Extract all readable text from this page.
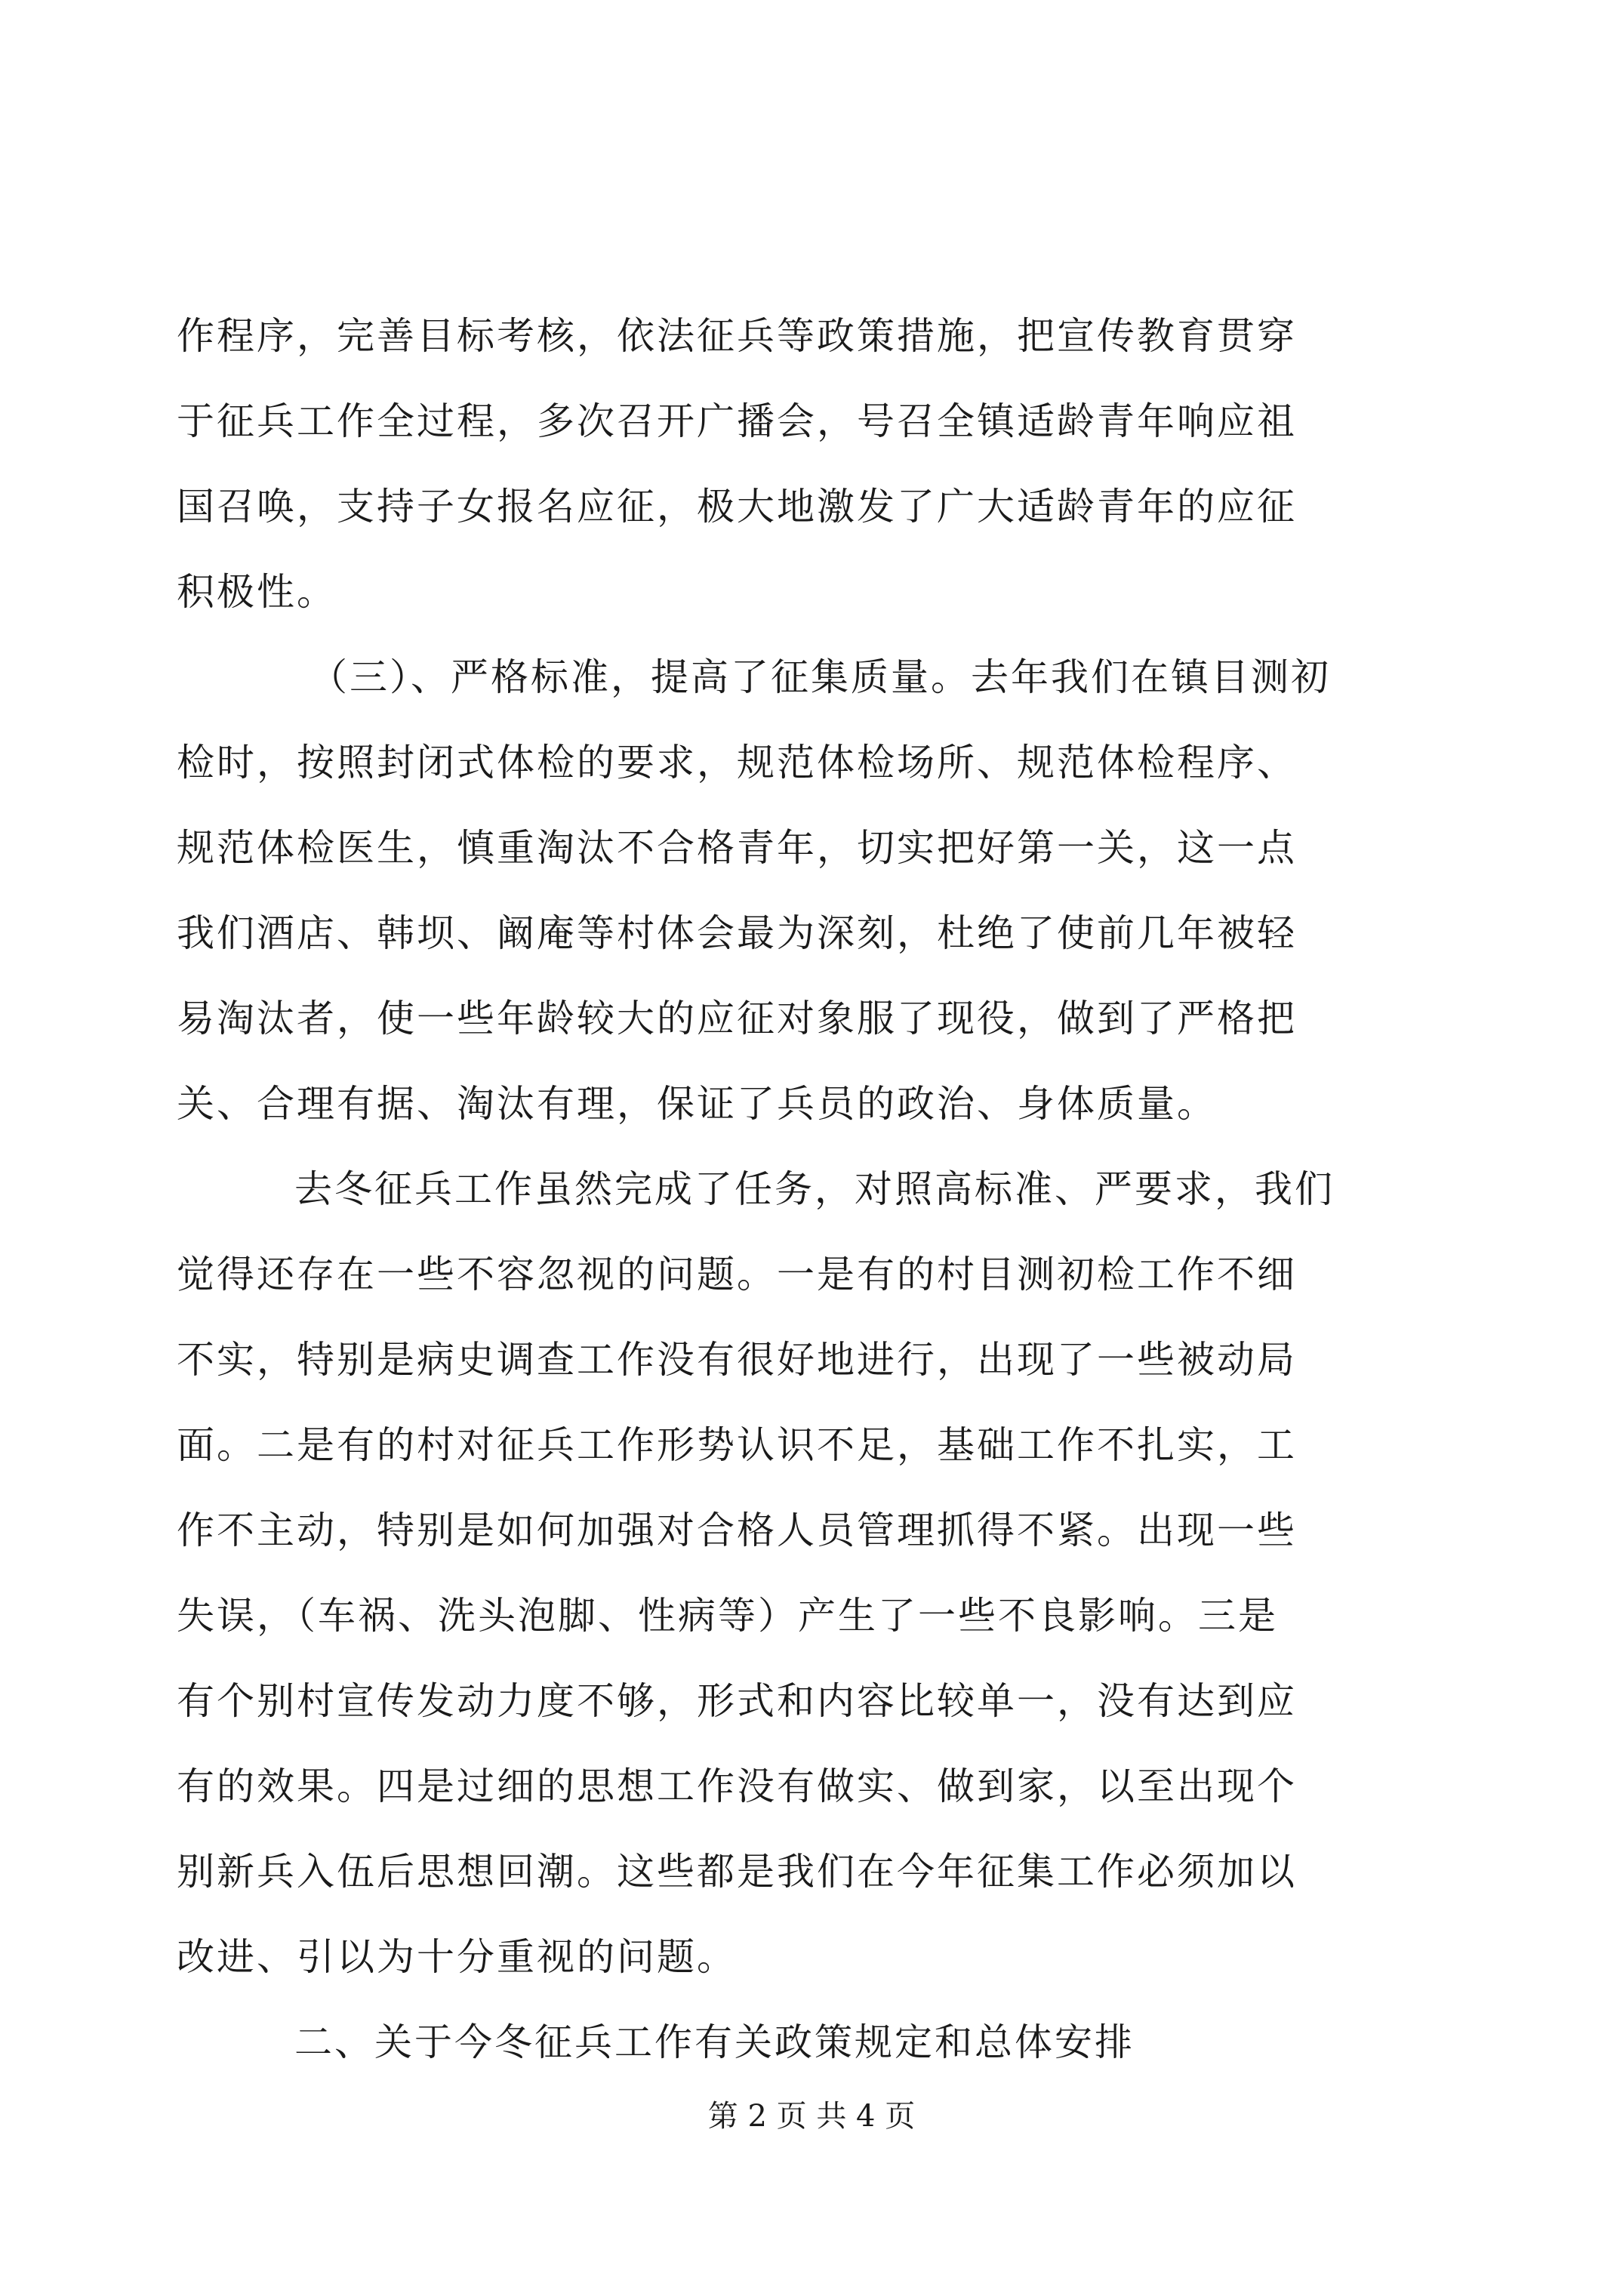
作程序，完善目标考核，依法征兵等政策措施，把宣传教育贯穿
于征兵工作全过程，多次召开广播会，号召全镇适龄青年响应祖
国召唤，支持子女报名应征，极大地激发了广大适龄青年的应征
积极性。
（三）、严格标准，提高了征集质量。去年我们在镇目测初
检时，按照封闭式体检的要求，规范体检场所、规范体检程序、
规范体检医生，慎重淘汰不合格青年，切实把好第一关，这一点
我们酒店、韩坝、阚庵等村体会最为深刻，杜绝了使前几年被轻
易淘汰者，使一些年龄较大的应征对象服了现役，做到了严格把
关、合理有据、淘汰有理，保证了兵员的政治、身体质量。
去冬征兵工作虽然完成了任务，对照高标准、严要求，我们
觉得还存在一些不容忽视的问题。一是有的村目测初检工作不细
不实，特别是病史调查工作没有很好地进行，出现了一些被动局
面。二是有的村对征兵工作形势认识不足，基础工作不扎实，工
作不主动，特别是如何加强对合格人员管理抓得不紧。出现一些
失误，（车祸、洗头泡脚、性病等）产生了一些不良影响。三是
有个别村宣传发动力度不够，形式和内容比较单一，没有达到应
有的效果。四是过细的思想工作没有做实、做到家，以至出现个
别新兵入伍后思想回潮。这些都是我们在今年征集工作必须加以
改进、引以为十分重视的问题。
二、关于今冬征兵工作有关政策规定和总体安排
第 2 页 共 4 页
